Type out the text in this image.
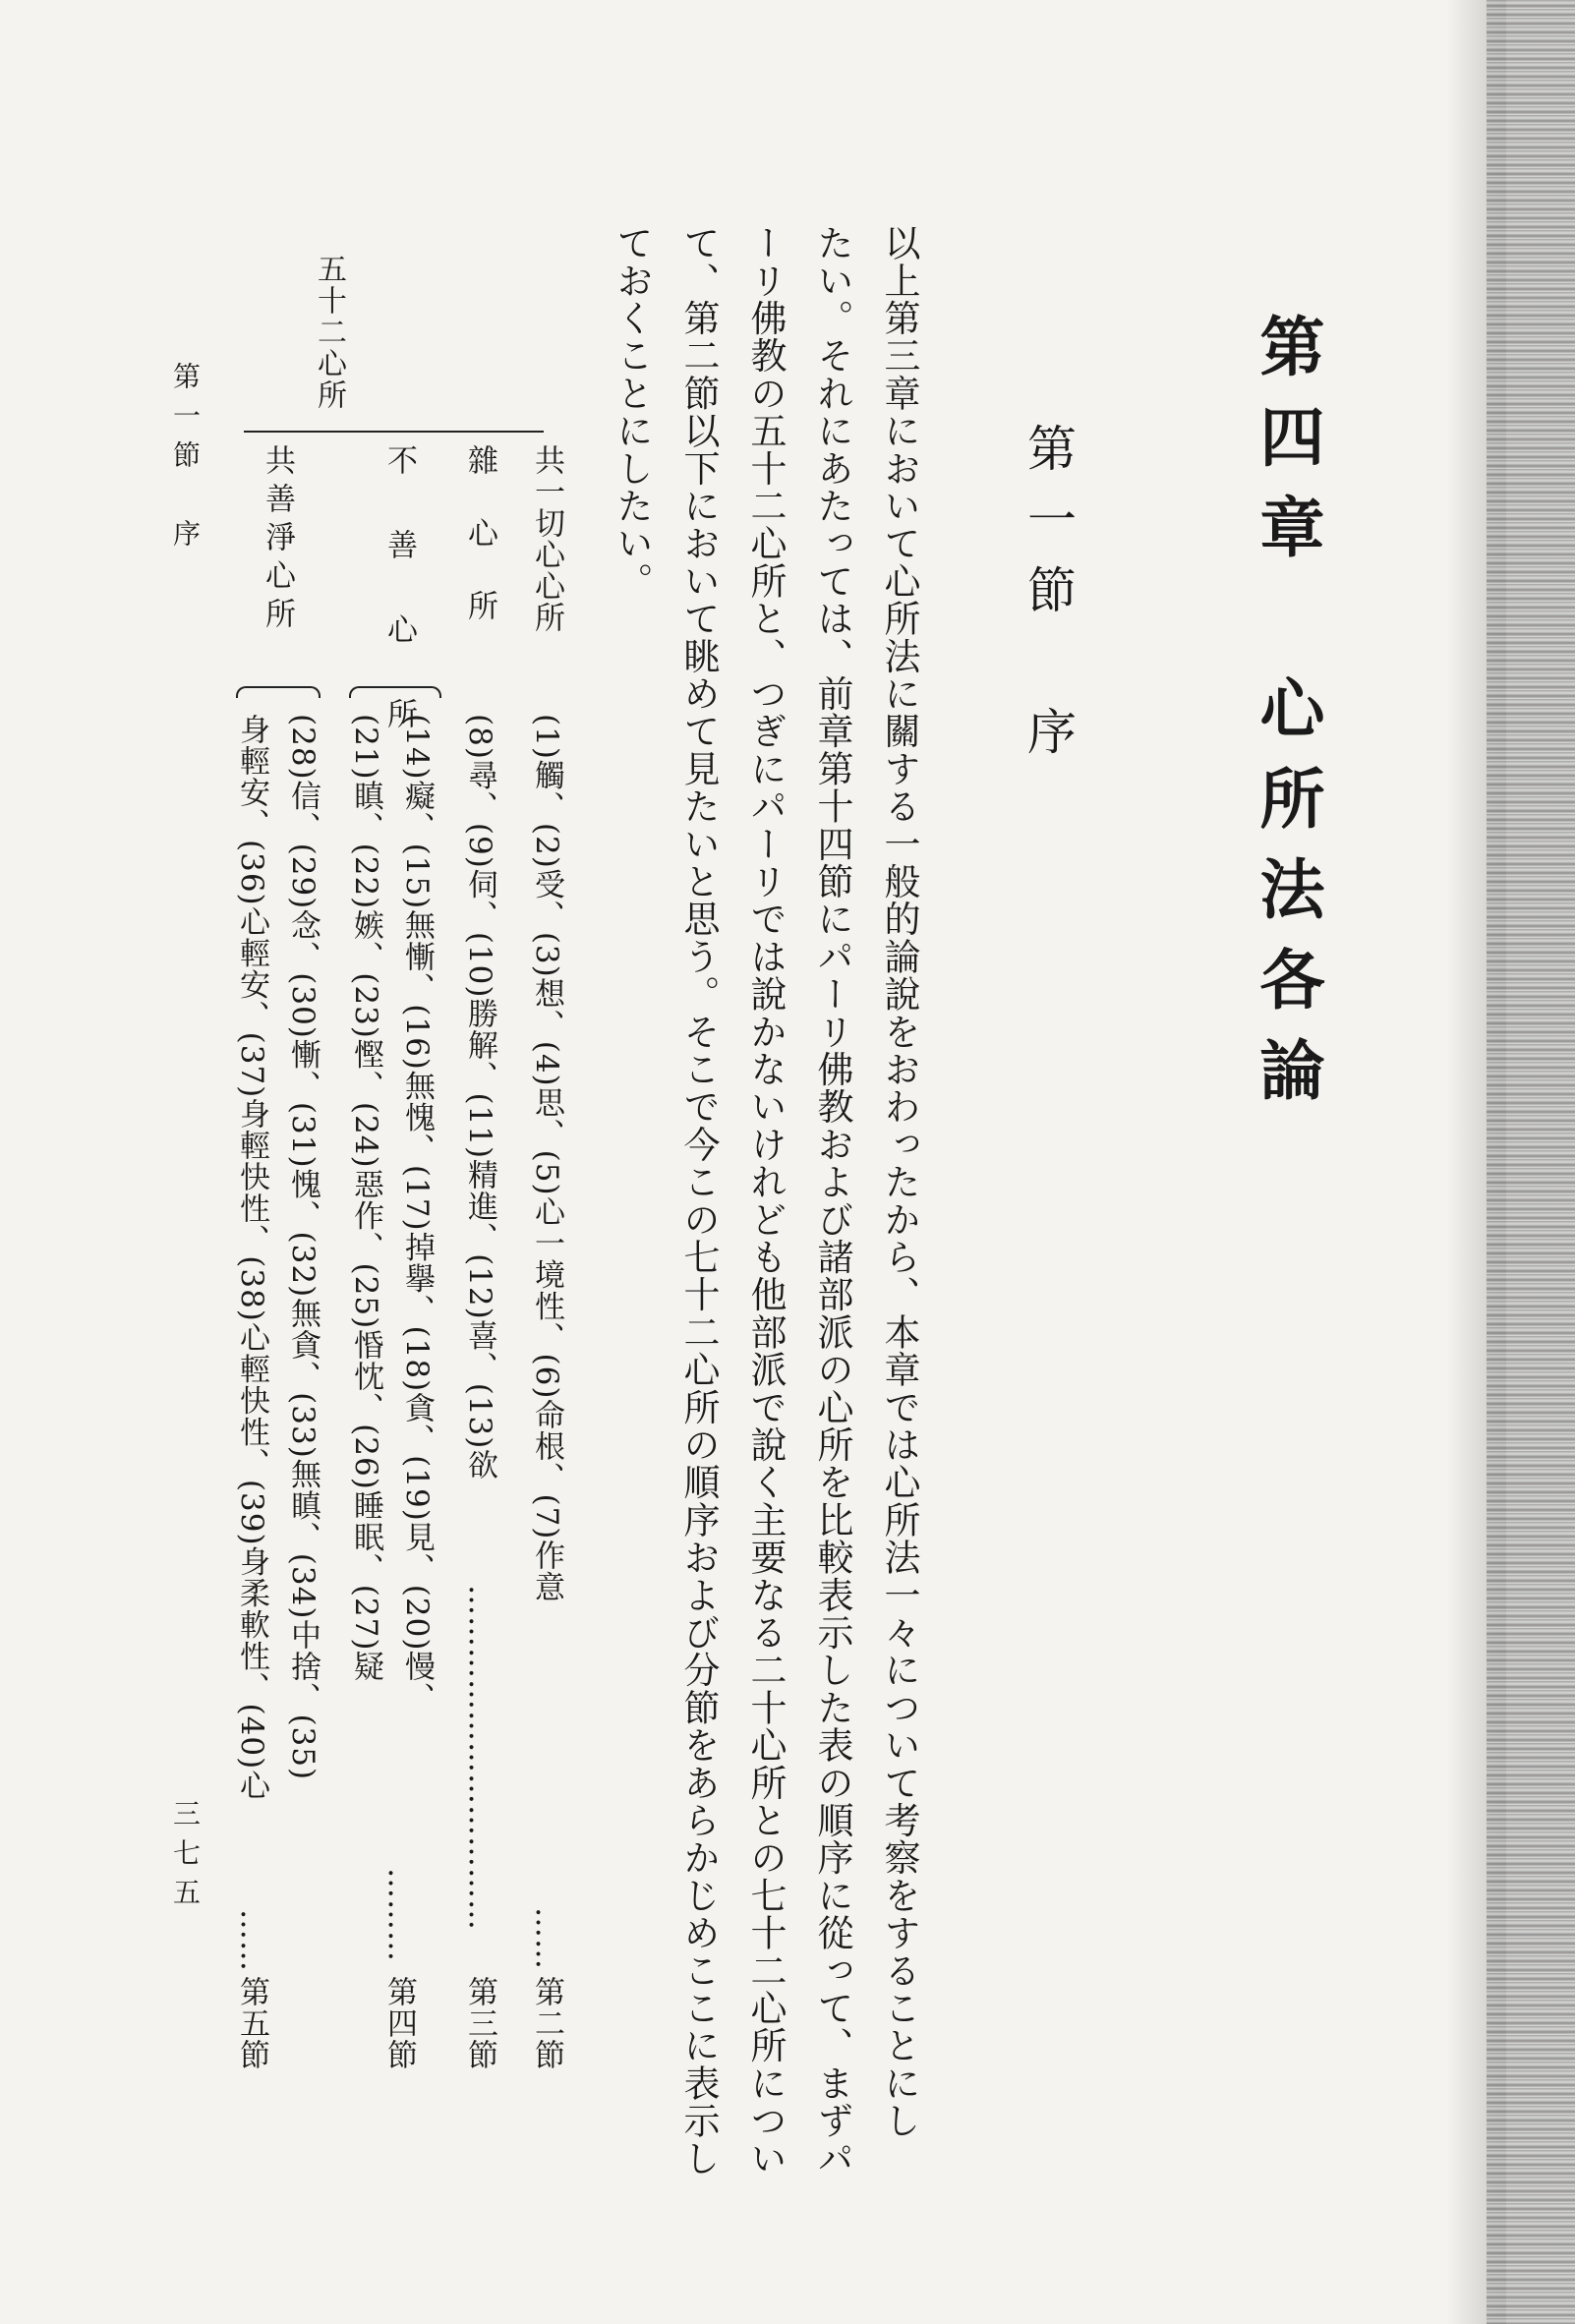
第四章　心所法各論
第一節　序
以上第三章において心所法に關する一般的論說をおわったから、本章では心所法一々について考察をすることにし
たい。それにあたっては、前章第十四節にパーリ佛教および諸部派の心所を比較表示した表の順序に從って、まずパ
ーリ佛教の五十二心所と、つぎにパーリでは說かないけれども他部派で說く主要なる二十心所との七十二心所につい
て、第二節以下において眺めて見たいと思う。そこで今この七十二心所の順序および分節をあらかじめここに表示し
ておくことにしたい。
五十二心所
共一切心心所
(1)觸、(2)受、(3)想、(4)思、(5)心一境性、(6)命根、(7)作意
……
第二節
雜　心　所
(8)尋、(9)伺、(10)勝解、(11)精進、(12)喜、(13)欲
……………………………
第三節
不　善　心　所
(14)癡、(15)無慚、(16)無愧、(17)掉擧、(18)貪、(19)見、(20)慢、
(21)瞋、(22)嫉、(23)慳、(24)惡作、(25)惛忱、(26)睡眠、(27)疑
………
第四節
共善淨心所
(28)信、(29)念、(30)慚、(31)愧、(32)無貪、(33)無瞋、(34)中捨、(35)
身輕安、(36)心輕安、(37)身輕快性、(38)心輕快性、(39)身柔軟性、(40)心
……
第五節
第一節　序
三七五
